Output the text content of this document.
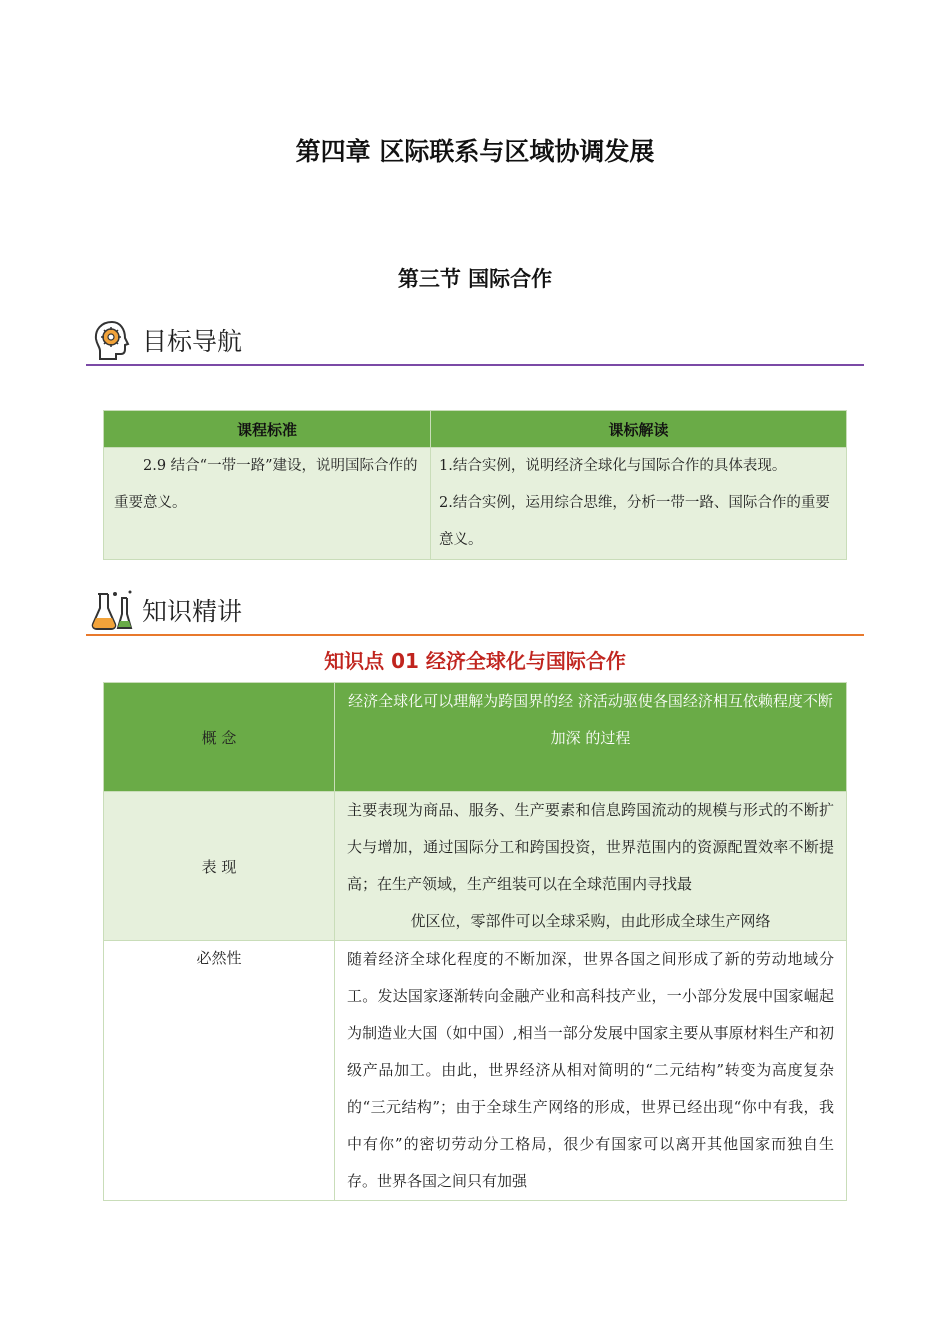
第四章 区际联系与区域协调发展
第三节 国际合作
目标导航
课程标准	课标解读

2.9 结合“一带一路”建设，说明国际合作的重要意义。	1.结合实例，说明经济全球化与国际合作的具体表现。

2.结合实例，运用综合思维，分析一带一路、国际合作的重要意义。

知识精讲
知识点 01 经济全球化与国际合作
概 念	经济全球化可以理解为跨国界的经 济活动驱使各国经济相互依赖程度不断加深 的过程
表 现	主要表现为商品、服务、生产要素和信息跨国流动的规模与形式的不断扩大与增加，通过国际分工和跨国投资，世界范围内的资源配置效率不断提高；在生产领域，生产组装可以在全球范围内寻找最
优区位，零部件可以全球采购，由此形成全球生产网络

必然性	随着经济全球化程度的不断加深，世界各国之间形成了新的劳动地域分工。发达国家逐渐转向金融产业和高科技产业，一小部分发展中国家崛起为制造业大国（如中国）,相当一部分发展中国家主要从事原材料生产和初级产品加工。由此，世界经济从相对简明的“二元结构”转变为高度复杂的“三元结构”；由于全球生产网络的形成，世界已经出现“你中有我，我中有你”的密切劳动分工格局，很少有国家可以离开其他国家而独自生存。世界各国之间只有加强
